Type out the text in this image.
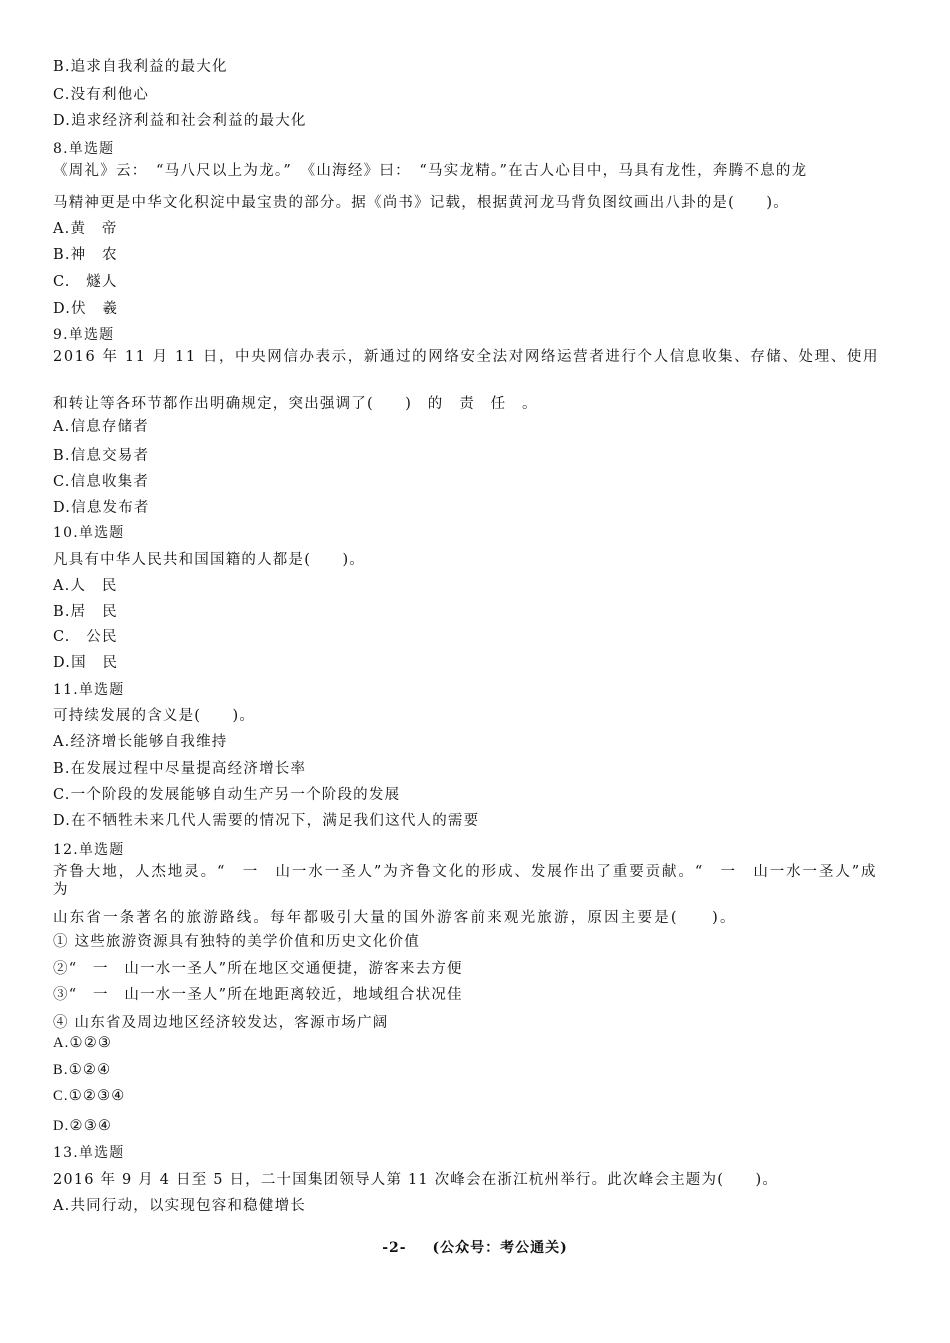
B.追求自我利益的最大化
C.没有利他心
D.追求经济利益和社会利益的最大化
8.单选题
《周礼》云：　“马八尺以上为龙。”　《山海经》曰：　“马实龙精。”在古人心目中，马具有龙性，奔腾不息的龙
马精神更是中华文化积淀中最宝贵的部分。据《尚书》记载，根据黄河龙马背负图纹画出八卦的是(　　)。
A.黄　帝
B.神　农
C.　燧人
D.伏　羲
9.单选题
2016 年 11 月 11 日，中央网信办表示，新通过的网络安全法对网络运营者进行个人信息收集、存储、处理、使用
和转让等各环节都作出明确规定，突出强调了(　　)　的　责　任　。
A.信息存储者
B.信息交易者
C.信息收集者
D.信息发布者
10.单选题
凡具有中华人民共和国国籍的人都是(　　)。
A.人　民
B.居　民
C.　公民
D.国　民
11.单选题
可持续发展的含义是(　　)。
A.经济增长能够自我维持
B.在发展过程中尽量提高经济增长率
C.一个阶段的发展能够自动生产另一个阶段的发展
D.在不牺牲未来几代人需要的情况下，满足我们这代人的需要
12.单选题
齐鲁大地，人杰地灵。“　一　山一水一圣人”为齐鲁文化的形成、发展作出了重要贡献。“　一　山一水一圣人”成为
山东省一条著名的旅游路线。每年都吸引大量的国外游客前来观光旅游，原因主要是(　　)。
① 这些旅游资源具有独特的美学价值和历史文化价值
②“　一　山一水一圣人”所在地区交通便捷，游客来去方便
③“　一　山一水一圣人”所在地距离较近，地域组合状况佳
④ 山东省及周边地区经济较发达，客源市场广阔
A.①②③
B.①②④
C.①②③④
D.②③④
13.单选题
2016 年 9 月 4 日至 5 日，二十国集团领导人第 11 次峰会在浙江杭州举行。此次峰会主题为(　　)。
A.共同行动，以实现包容和稳健增长
-2- (公众号：考公通关)
